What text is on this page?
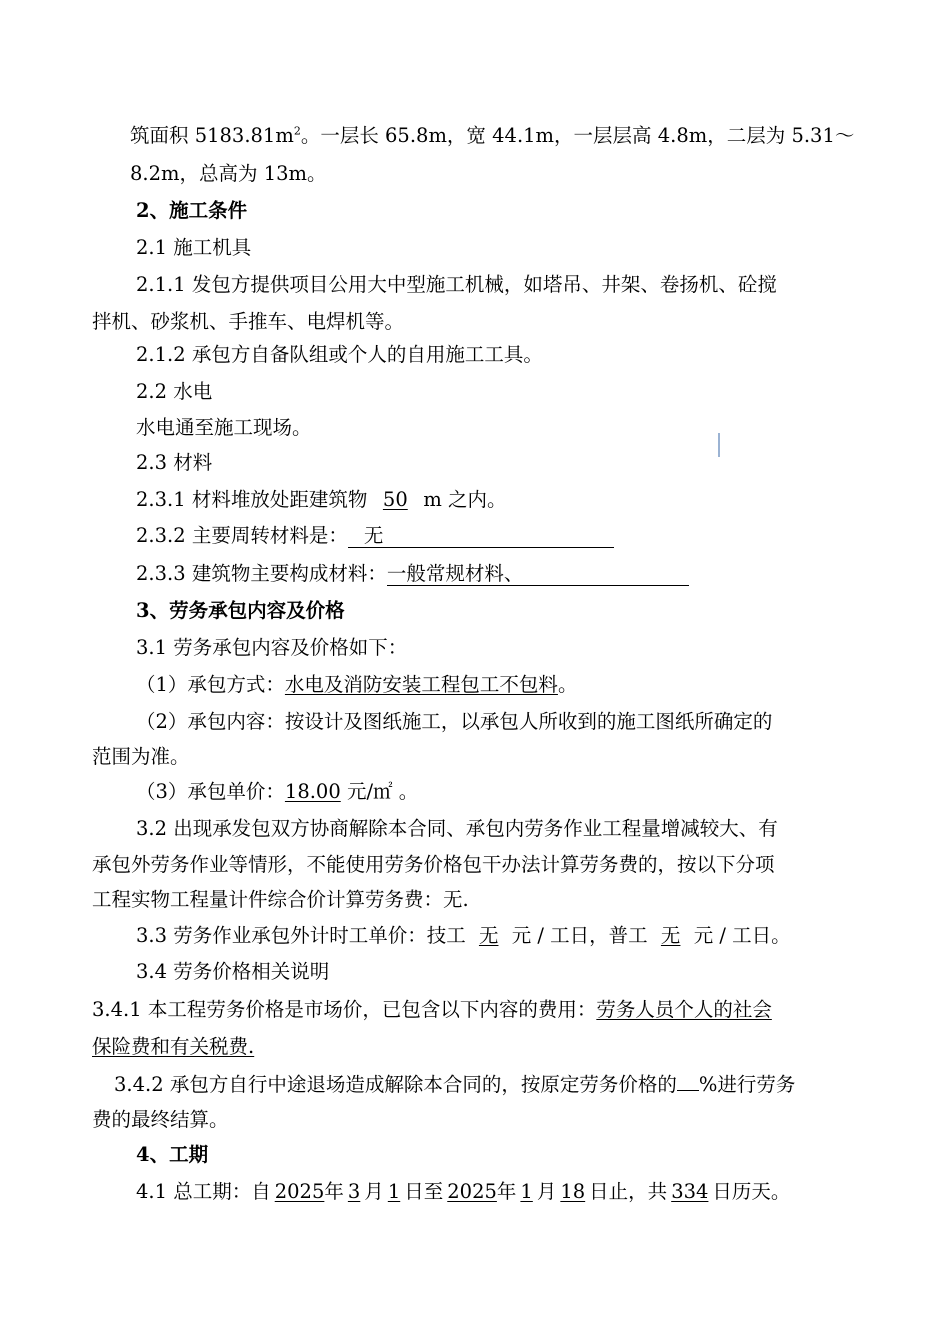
筑面积 $5183.81m^2$。一层长 65.8m，宽 44.1m，一层层高 4.8m，二层为 5.31～
8.2m，总高为 13m。
2、施工条件
2.1 施工机具
2.1.1 发包方提供项目公用大中型施工机械，如塔吊、井架、卷扬机、砼搅
拌机、砂浆机、手推车、电焊机等。
2.1.2 承包方自备队组或个人的自用施工工具。
2.2 水电
水电通至施工现场。
2.3 材料
2.3.1 材料堆放处距建筑物 50 m 之内。
2.3.2 主要周转材料是： 无
2.3.3 建筑物主要构成材料：一般常规材料、
3、劳务承包内容及价格
3.1 劳务承包内容及价格如下：
（1）承包方式：水电及消防安装工程包工不包料。
（2）承包内容：按设计及图纸施工，以承包人所收到的施工图纸所确定的
范围为准。
（3）承包单价：18.00 元/㎡ 。
3.2 出现承发包双方协商解除本合同、承包内劳务作业工程量增减较大、有
承包外劳务作业等情形，不能使用劳务价格包干办法计算劳务费的，按以下分项
工程实物工程量计件综合价计算劳务费：无.
3.3 劳务作业承包外计时工单价：技工 无 元 / 工日，普工 无 元 / 工日。
3.4 劳务价格相关说明
3.4.1 本工程劳务价格是市场价，已包含以下内容的费用：劳务人员个人的社会
保险费和有关税费.
3.4.2 承包方自行中途退场造成解除本合同的，按原定劳务价格的 %进行劳务
费的最终结算。
4、工期
4.1 总工期：自 2025年 3 月 1 日至 2025年 1 月 18 日止，共 334 日历天。
